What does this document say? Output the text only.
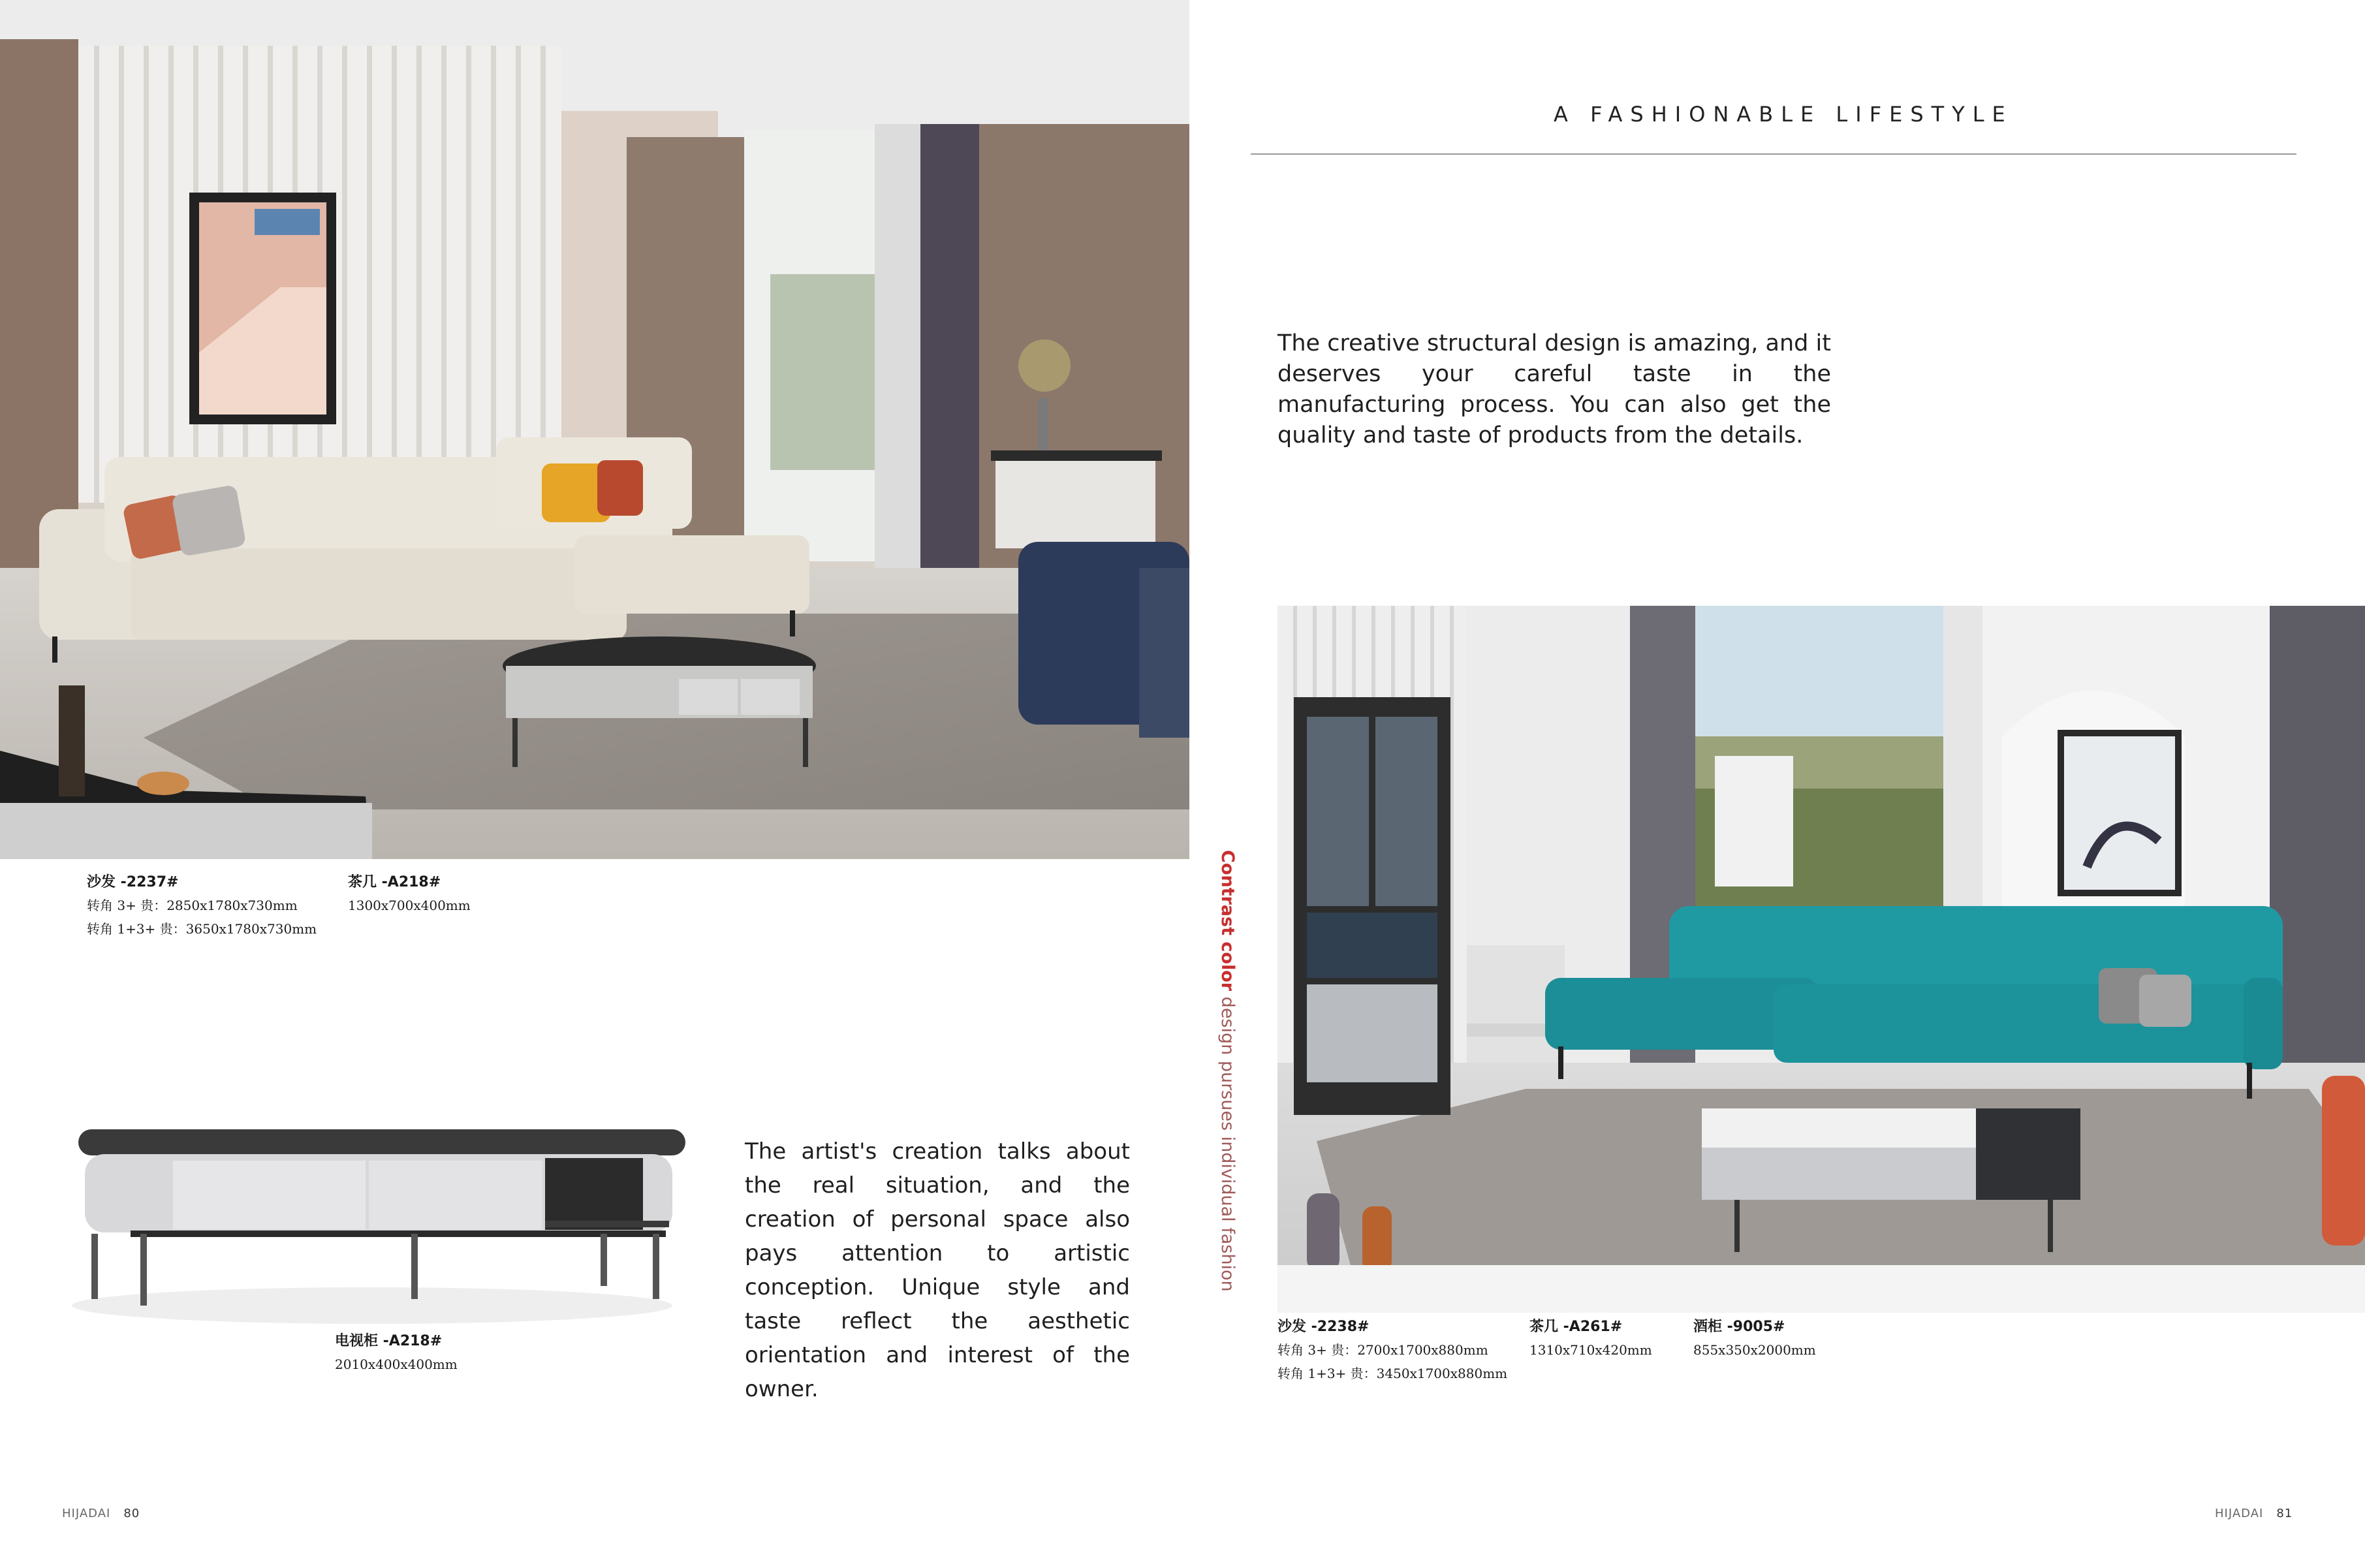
沙发 -2237#
转角 3+ 贵：2850x1780x730mm
转角 1+3+ 贵：3650x1780x730mm
茶几 -A218#
1300x700x400mm
电视柜 -A218#
2010x400x400mm
The artist's creation talks about the real situation, and the creation of personal space also pays attention to artistic conception. Unique style and taste reflect the aesthetic orientation and interest of the owner.
Contrast color design pursues individual fashion
A FASHIONABLE LIFESTYLE
The creative structural design is amazing, and it deserves your careful taste in the manufacturing process. You can also get the quality and taste of products from the details.
沙发 -2238#
转角 3+ 贵：2700x1700x880mm
转角 1+3+ 贵：3450x1700x880mm
茶几 -A261#
1310x710x420mm
酒柜 -9005#
855x350x2000mm
HIJADAI 80	HIJADAI 81
